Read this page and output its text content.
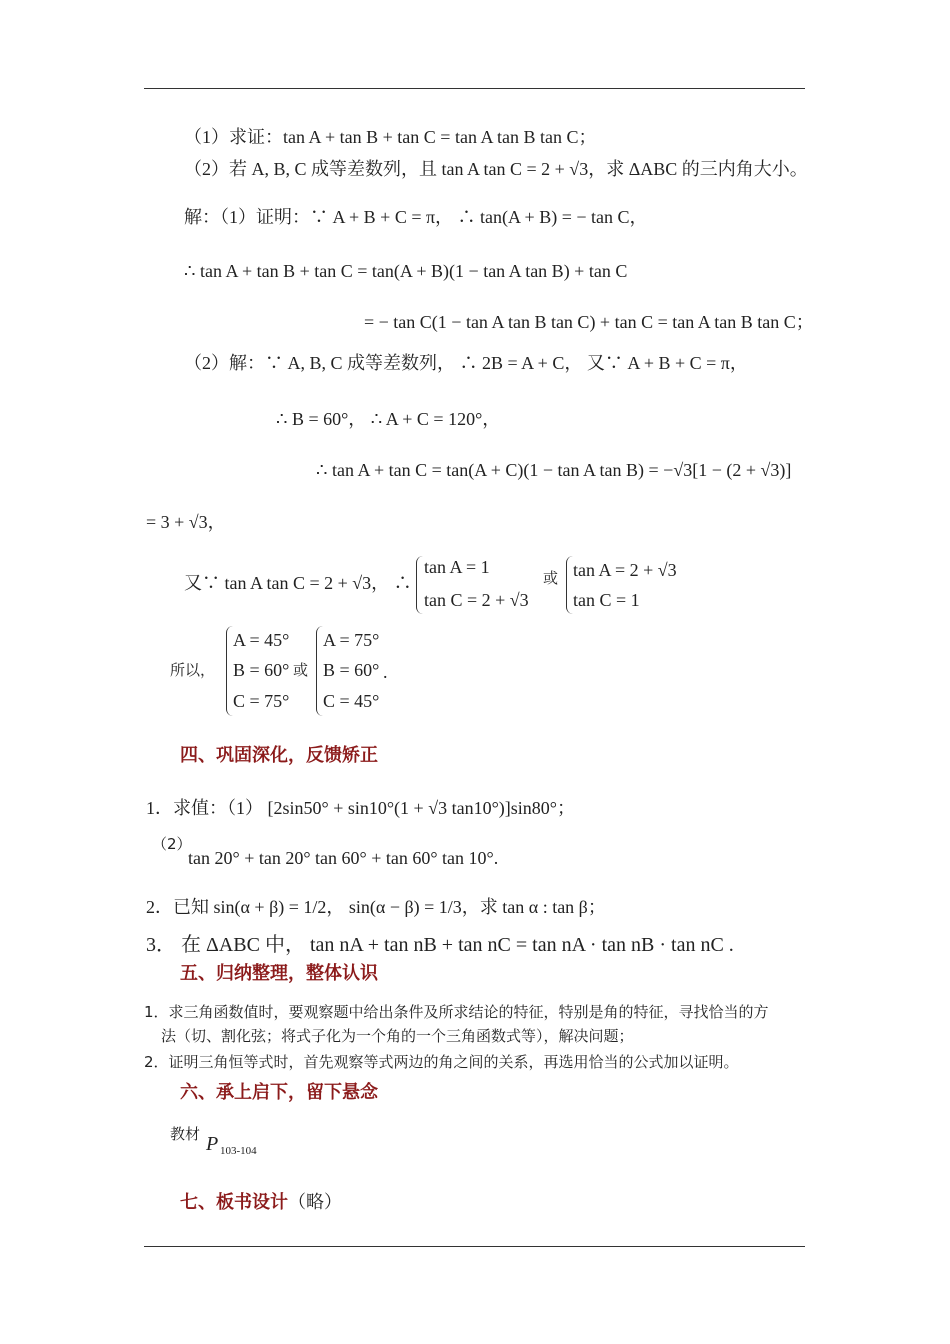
（1）求证：tan A + tan B + tan C = tan A tan B tan C；
（2）若 A, B, C 成等差数列，且 tan A tan C = 2 + √3，求 ΔABC 的三内角大小。
解：（1）证明：∵ A + B + C = π， ∴ tan(A + B) = − tan C，
∴ tan A + tan B + tan C = tan(A + B)(1 − tan A tan B) + tan C
= − tan C(1 − tan A tan B tan C) + tan C = tan A tan B tan C；
（2）解：∵ A, B, C 成等差数列， ∴ 2B = A + C， 又∵ A + B + C = π，
∴ B = 60°， ∴ A + C = 120°，
∴ tan A + tan C = tan(A + C)(1 − tan A tan B) = −√3[1 − (2 + √3)]
= 3 + √3，
又∵ tan A tan C = 2 + √3， ∴
tan A = 1
tan C = 2 + √3
或 tan A = 2 + √3
tan C = 1
所以，
A = 45°
B = 60°
C = 75°
或
A = 75°
B = 60°
C = 45°
.
四、巩固深化，反馈矫正
1．求值：（1） [2sin50° + sin10°(1 + √3 tan10°)]sin80°；
（2）
tan 20° + tan 20° tan 60° + tan 60° tan 10°.
2．已知 sin(α + β) = 1/2， sin(α − β) = 1/3，求 tan α : tan β；
3． 在 ΔABC 中， tan nA + tan nB + tan nC = tan nA · tan nB · tan nC .
五、归纳整理，整体认识
1．求三角函数值时，要观察题中给出条件及所求结论的特征，特别是角的特征，寻找恰当的方
法（切、割化弦；将式子化为一个角的一个三角函数式等），解决问题；
2．证明三角恒等式时，首先观察等式两边的角之间的关系，再选用恰当的公式加以证明。
六、承上启下，留下悬念
教材 P 103-104
七、板书设计（略）
